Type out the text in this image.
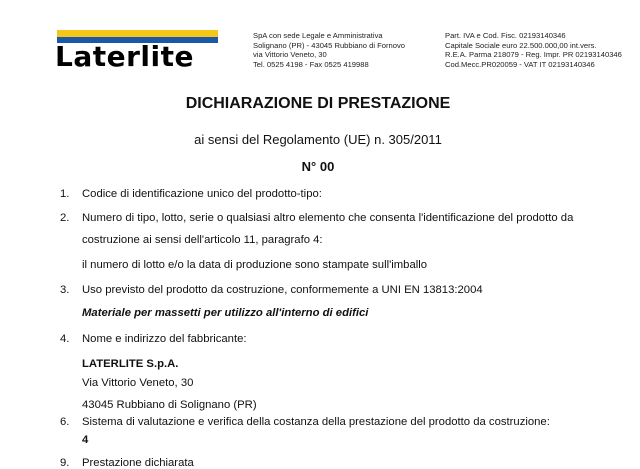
Laterlite
SpA con sede Legale e Amministrativa
Solignano (PR) - 43045 Rubbiano di Fornovo
via Vittorio Veneto, 30
Tel. 0525 4198 - Fax 0525 419988
Part. IVA e Cod. Fisc. 02193140346
Capitale Sociale euro 22.500.000,00 int.vers.
R.E.A. Parma 218079 - Reg. Impr. PR 02193140346
Cod.Mecc.PR020059 - VAT IT 02193140346
DICHIARAZIONE DI PRESTAZIONE
ai sensi del Regolamento (UE) n. 305/2011
N° 00
1. Codice di identificazione unico del prodotto-tipo:
2. Numero di tipo, lotto, serie o qualsiasi altro elemento che consenta l'identificazione del prodotto da
costruzione ai sensi dell'articolo 11, paragrafo 4:
il numero di lotto e/o la data di produzione sono stampate sull'imballo
3. Uso previsto del prodotto da costruzione, conformemente a UNI EN 13813:2004
Materiale per massetti per utilizzo all'interno di edifici
4. Nome e indirizzo del fabbricante:
LATERLITE S.p.A.
Via Vittorio Veneto, 30
43045 Rubbiano di Solignano (PR)
6. Sistema di valutazione e verifica della costanza della prestazione del prodotto da costruzione:
4
9. Prestazione dichiarata
